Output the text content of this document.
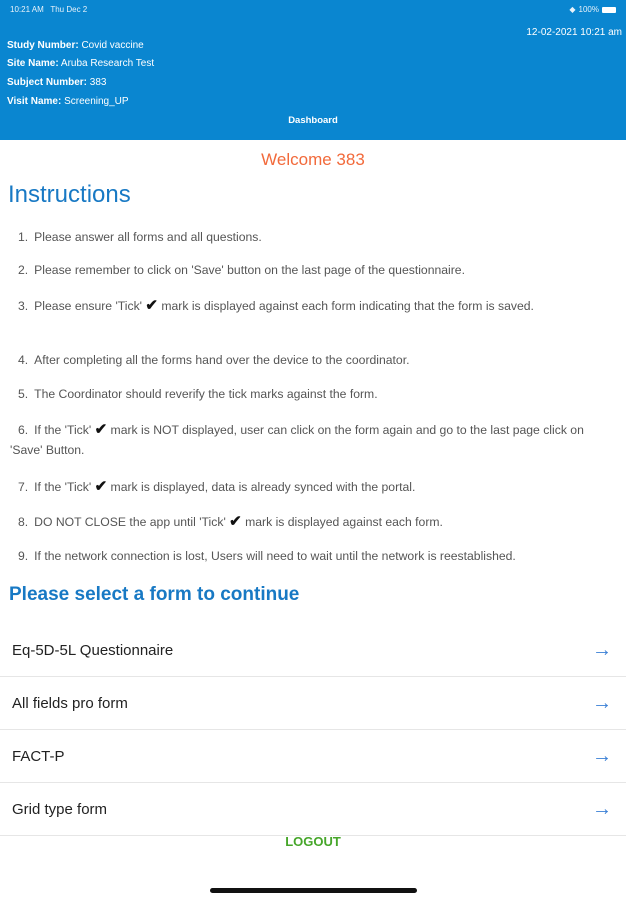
10:21 AM Thu Dec 2	◆ 100%
12-02-2021 10:21 am
Study Number: Covid vaccine
Site Name: Aruba Research Test
Subject Number: 383
Visit Name: Screening_UP
Dashboard
Welcome 383
Instructions
1. Please answer all forms and all questions.
2. Please remember to click on 'Save' button on the last page of the questionnaire.
3. Please ensure 'Tick' ✔ mark is displayed against each form indicating that the form is saved.
4. After completing all the forms hand over the device to the coordinator.
5. The Coordinator should reverify the tick marks against the form.
6. If the 'Tick' ✔ mark is NOT displayed, user can click on the form again and go to the last page click on 'Save' Button.
7. If the 'Tick' ✔ mark is displayed, data is already synced with the portal.
8. DO NOT CLOSE the app until 'Tick' ✔ mark is displayed against each form.
9. If the network connection is lost, Users will need to wait until the network is reestablished.
Please select a form to continue
Eq-5D-5L Questionnaire	→
All fields pro form	→
FACT-P	→
Grid type form	→
LOGOUT
